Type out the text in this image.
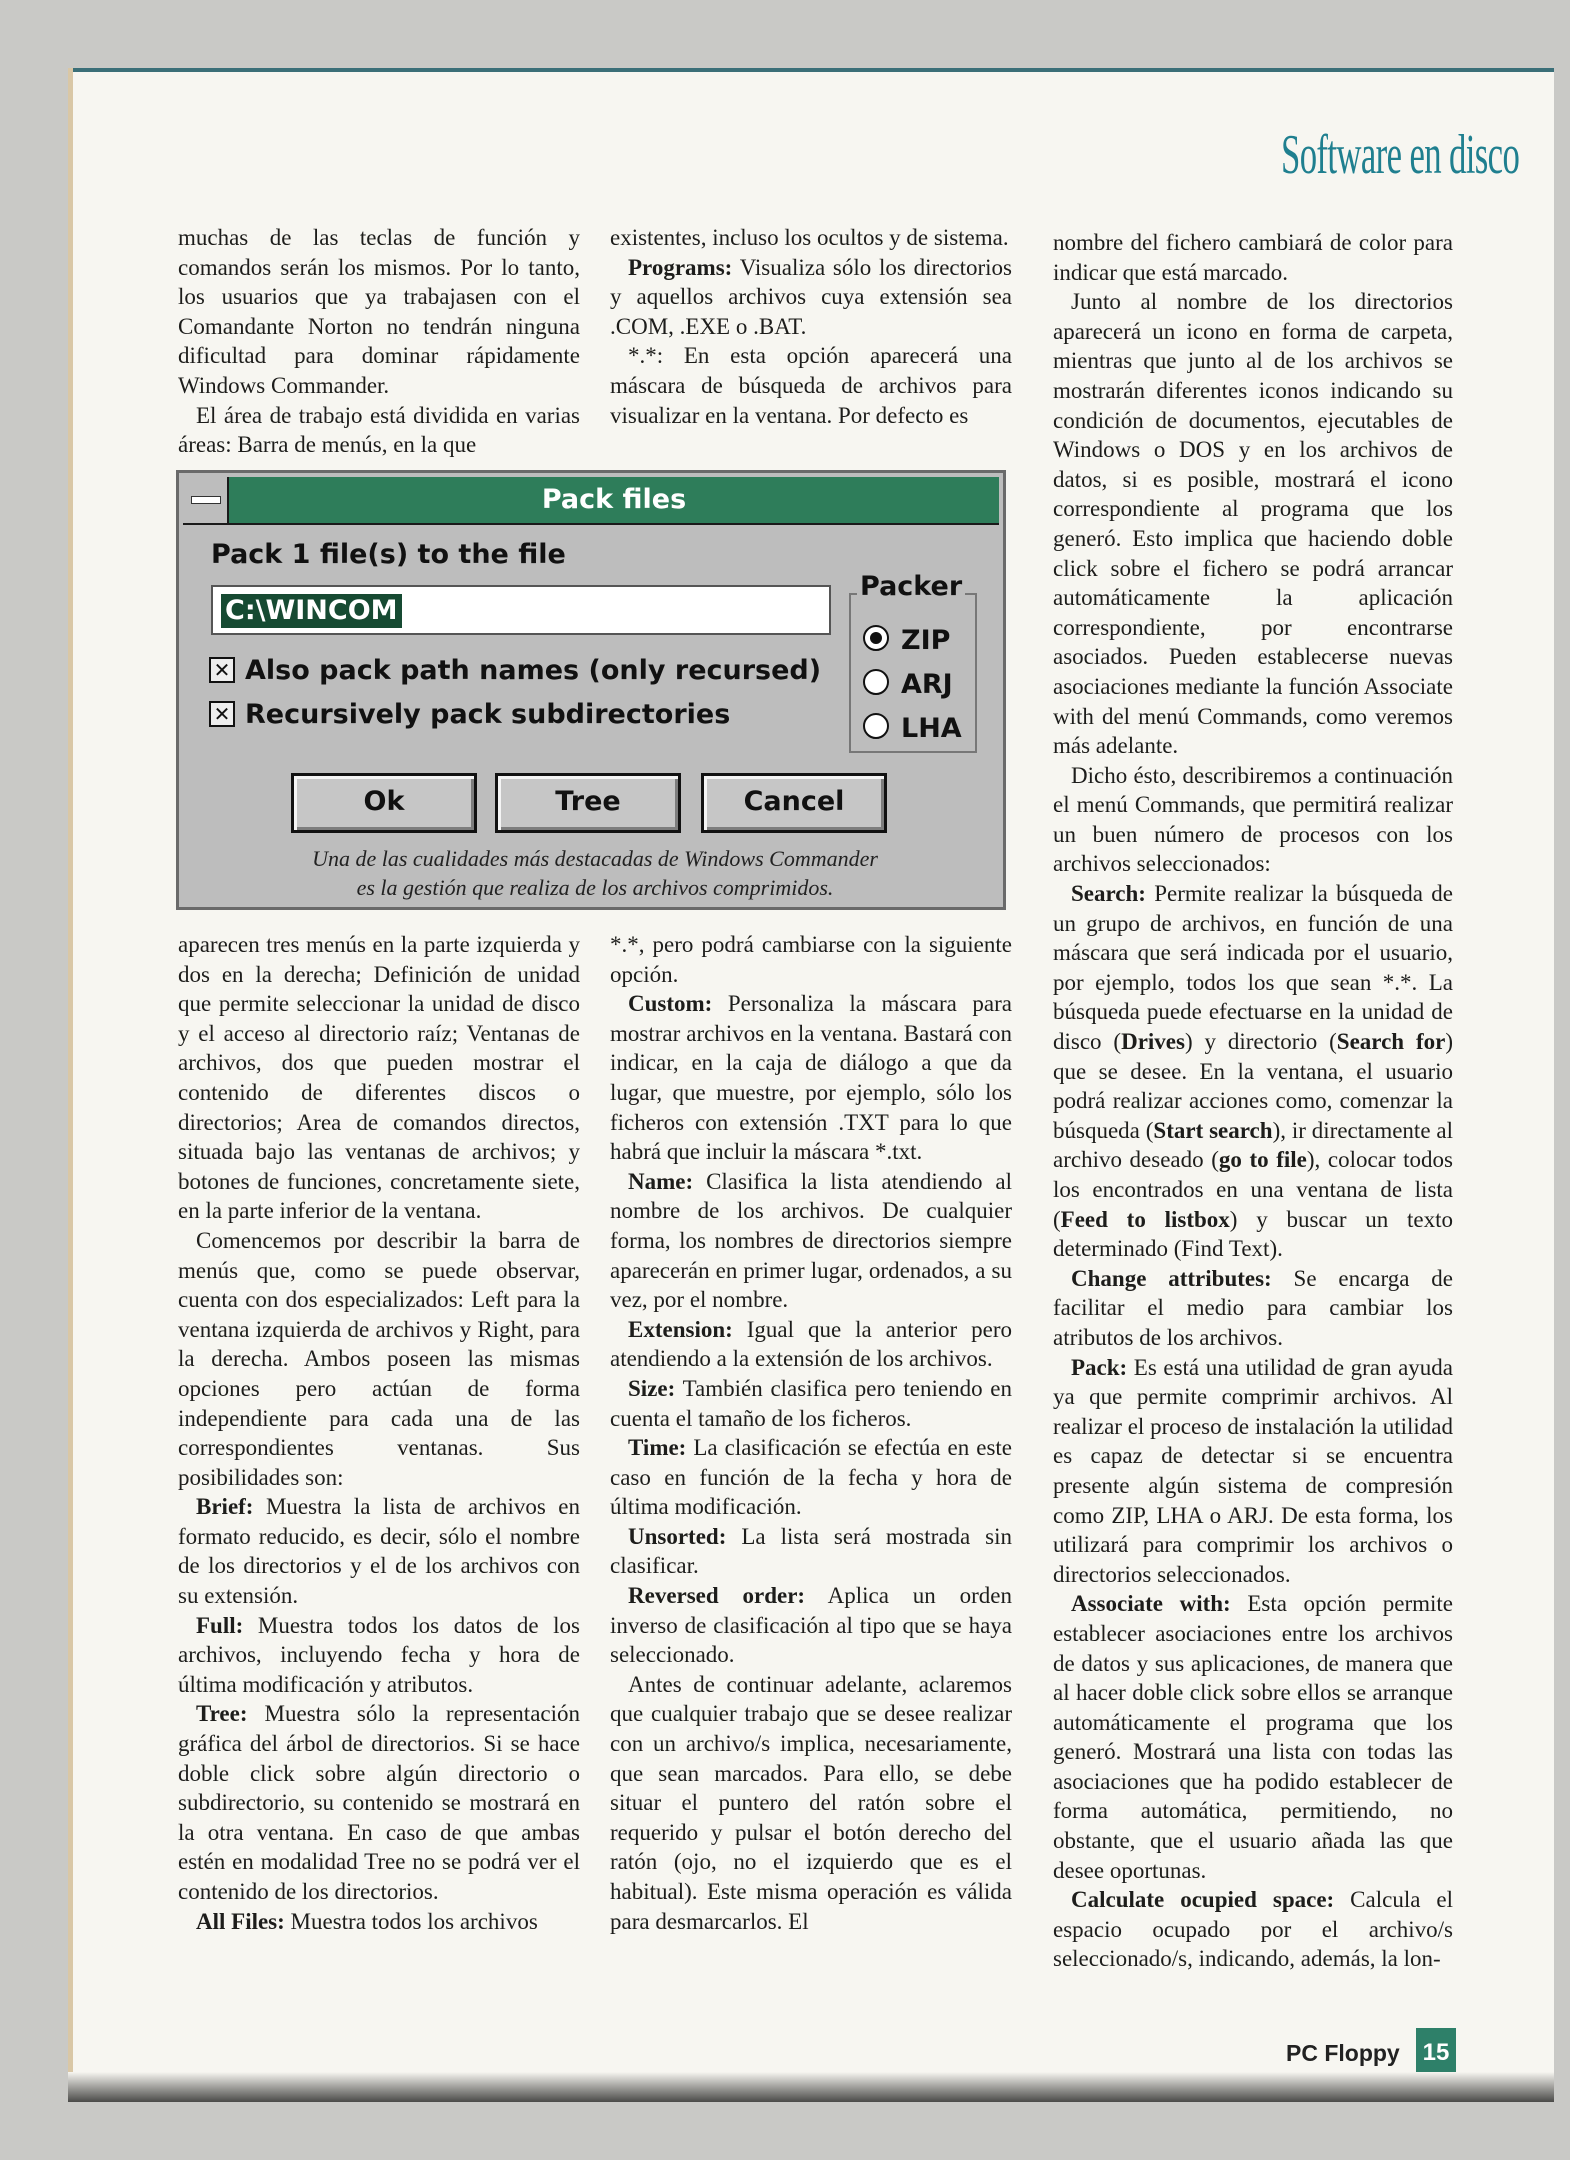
Software en disco

muchas de las teclas de función y comandos serán los mismos. Por lo tanto, los usuarios que ya trabajasen con el Comandante Norton no tendrán ninguna dificultad para dominar rápidamente Windows Commander.

El área de trabajo está dividida en varias áreas: Barra de menús, en la que

existentes, incluso los ocultos y de sistema.

Programs: Visualiza sólo los directorios y aquellos archivos cuya extensión sea .COM, .EXE o .BAT.

*.*: En esta opción aparecerá una máscara de búsqueda de archivos para visualizar en la ventana. Por defecto es

Pack files
Pack 1 file(s) to the file
C:\WINCOM
✕ Also pack path names (only recursed)
✕ Recursively pack subdirectories
Packer
ZIP
ARJ
LHA
Ok	Tree	Cancel
Una de las cualidades más destacadas de Windows Commander
es la gestión que realiza de los archivos comprimidos.

aparecen tres menús en la parte izquierda y dos en la derecha; Definición de unidad que permite seleccionar la unidad de disco y el acceso al directorio raíz; Ventanas de archivos, dos que pueden mostrar el contenido de diferentes discos o directorios; Area de comandos directos, situada bajo las ventanas de archivos; y botones de funciones, concretamente siete, en la parte inferior de la ventana.

Comencemos por describir la barra de menús que, como se puede observar, cuenta con dos especializados: Left para la ventana izquierda de archivos y Right, para la derecha. Ambos poseen las mismas opciones pero actúan de forma independiente para cada una de las correspondientes ventanas. Sus posibilidades son:

Brief: Muestra la lista de archivos en formato reducido, es decir, sólo el nombre de los directorios y el de los archivos con su extensión.

Full: Muestra todos los datos de los archivos, incluyendo fecha y hora de última modificación y atributos.

Tree: Muestra sólo la representación gráfica del árbol de directorios. Si se hace doble click sobre algún directorio o subdirectorio, su contenido se mostrará en la otra ventana. En caso de que ambas estén en modalidad Tree no se podrá ver el contenido de los directorios.

All Files: Muestra todos los archivos

*.*, pero podrá cambiarse con la siguiente opción.

Custom: Personaliza la máscara para mostrar archivos en la ventana. Bastará con indicar, en la caja de diálogo a que da lugar, que muestre, por ejemplo, sólo los ficheros con extensión .TXT para lo que habrá que incluir la máscara *.txt.

Name: Clasifica la lista atendiendo al nombre de los archivos. De cualquier forma, los nombres de directorios siempre aparecerán en primer lugar, ordenados, a su vez, por el nombre.

Extension: Igual que la anterior pero atendiendo a la extensión de los archivos.

Size: También clasifica pero teniendo en cuenta el tamaño de los ficheros.

Time: La clasificación se efectúa en este caso en función de la fecha y hora de última modificación.

Unsorted: La lista será mostrada sin clasificar.

Reversed order: Aplica un orden inverso de clasificación al tipo que se haya seleccionado.

Antes de continuar adelante, aclaremos que cualquier trabajo que se desee realizar con un archivo/s implica, necesariamente, que sean marcados. Para ello, se debe situar el puntero del ratón sobre el requerido y pulsar el botón derecho del ratón (ojo, no el izquierdo que es el habitual). Este misma operación es válida para desmarcarlos. El

nombre del fichero cambiará de color para indicar que está marcado.

Junto al nombre de los directorios aparecerá un icono en forma de carpeta, mientras que junto al de los archivos se mostrarán diferentes iconos indicando su condición de documentos, ejecutables de Windows o DOS y en los archivos de datos, si es posible, mostrará el icono correspondiente al programa que los generó. Esto implica que haciendo doble click sobre el fichero se podrá arrancar automáticamente la aplicación correspondiente, por encontrarse asociados. Pueden establecerse nuevas asociaciones mediante la función Associate with del menú Commands, como veremos más adelante.

Dicho ésto, describiremos a continuación el menú Commands, que permitirá realizar un buen número de procesos con los archivos seleccionados:

Search: Permite realizar la búsqueda de un grupo de archivos, en función de una máscara que será indicada por el usuario, por ejemplo, todos los que sean *.*. La búsqueda puede efectuarse en la unidad de disco (Drives) y directorio (Search for) que se desee. En la ventana, el usuario podrá realizar acciones como, comenzar la búsqueda (Start search), ir directamente al archivo deseado (go to file), colocar todos los encontrados en una ventana de lista (Feed to listbox) y buscar un texto determinado (Find Text).

Change attributes: Se encarga de facilitar el medio para cambiar los atributos de los archivos.

Pack: Es está una utilidad de gran ayuda ya que permite comprimir archivos. Al realizar el proceso de instalación la utilidad es capaz de detectar si se encuentra presente algún sistema de compresión como ZIP, LHA o ARJ. De esta forma, los utilizará para comprimir los archivos o directorios seleccionados.

Associate with: Esta opción permite establecer asociaciones entre los archivos de datos y sus aplicaciones, de manera que al hacer doble click sobre ellos se arranque automáticamente el programa que los generó. Mostrará una lista con todas las asociaciones que ha podido establecer de forma automática, permitiendo, no obstante, que el usuario añada las que desee oportunas.

Calculate ocupied space: Calcula el espacio ocupado por el archivo/s seleccionado/s, indicando, además, la lon-

PC Floppy 15
